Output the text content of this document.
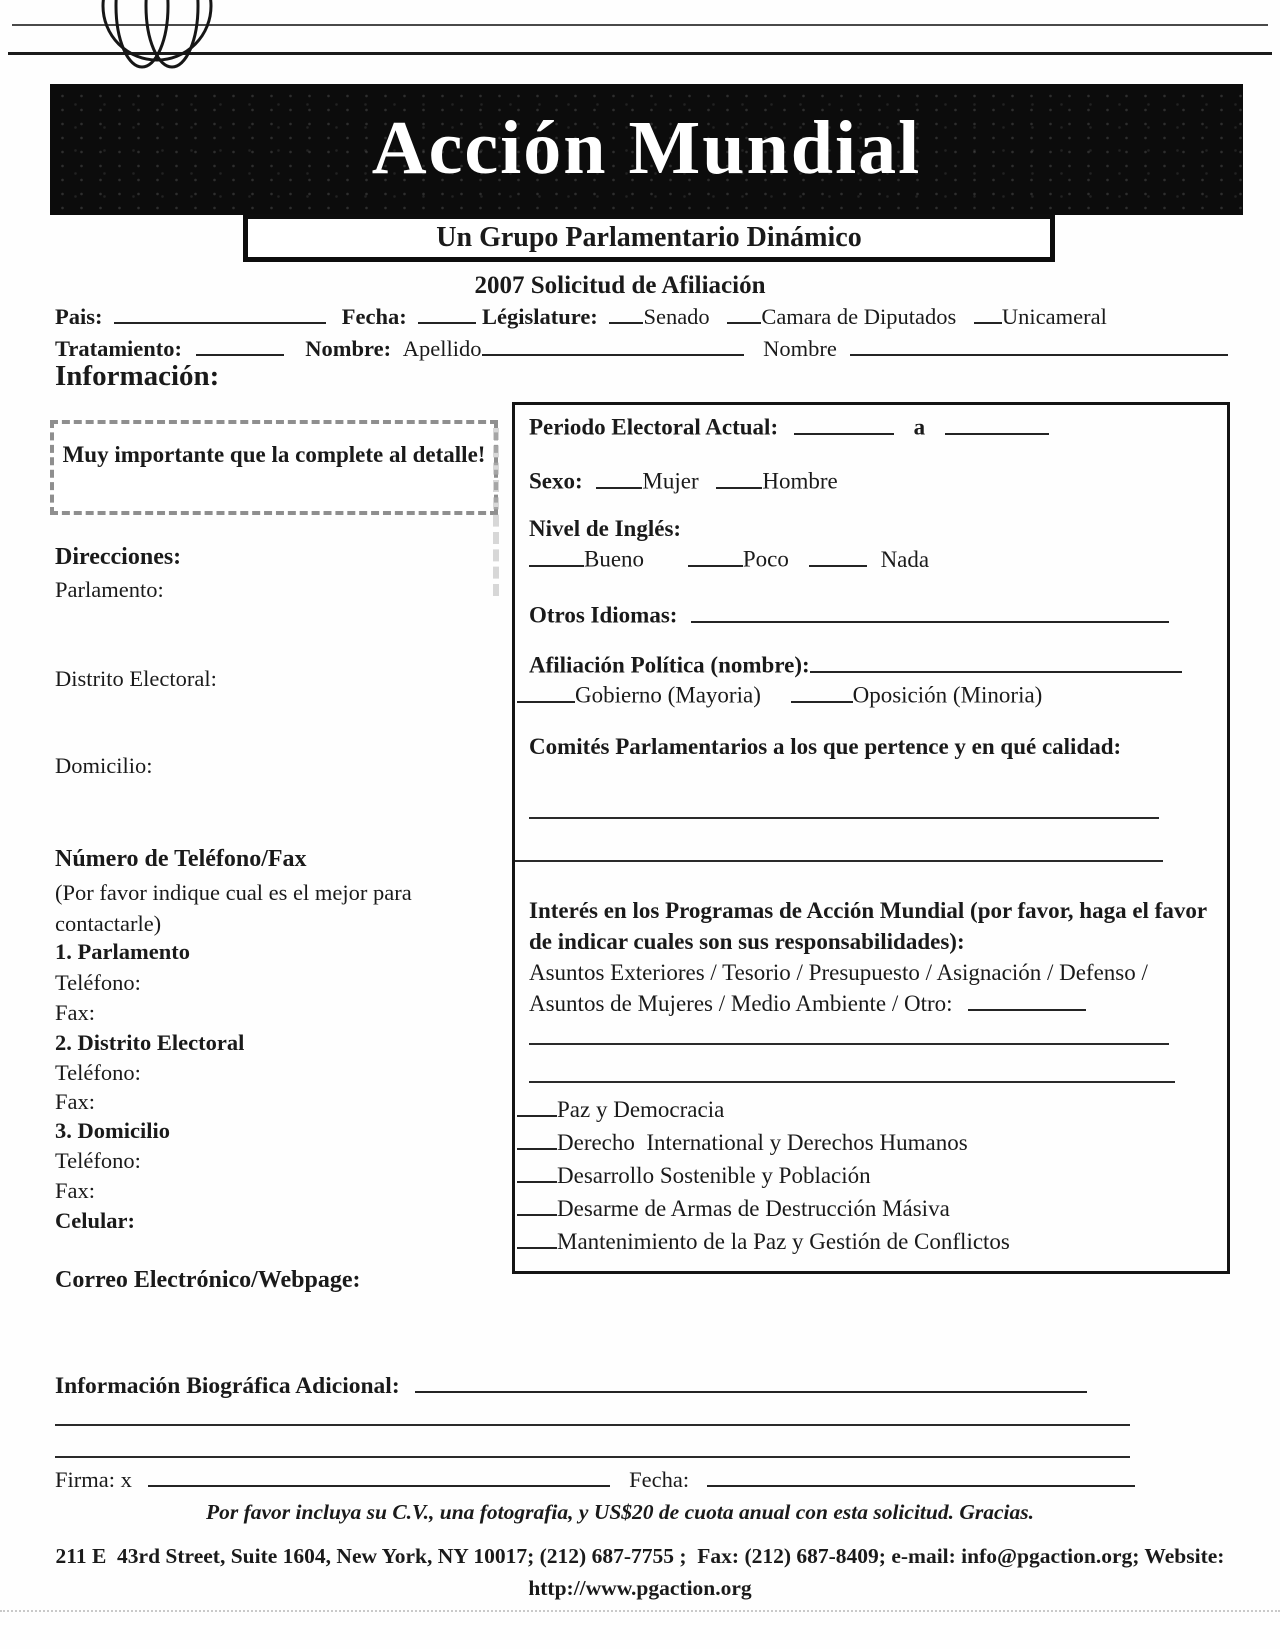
Acción Mundial
Un Grupo Parlamentario Dinámico
2007 Solicitud de Afiliación
Pais:	Fecha:	Législature: Senado Camara de Diputados Unicameral
Tratamiento:	Nombre: Apellido	Nombre
Información:
Muy importante que la complete al detalle!
Direcciones:
Parlamento:
Distrito Electoral:
Domicilio:
Número de Teléfono/Fax
(Por favor indique cual es el mejor para contactarle)
1. Parlamento
Teléfono:
Fax:
2. Distrito Electoral
Teléfono:
Fax:
3. Domicilio
Teléfono:
Fax:
Celular:
Correo Electrónico/Webpage:
Periodo Electoral Actual:	a
Sexo:	Mujer	Hombre
Nivel de Inglés:
Bueno	Poco	Nada
Otros Idiomas:
Afiliación Política (nombre):
Gobierno (Mayoria)	Oposición (Minoria)
Comités Parlamentarios a los que pertence y en qué calidad:
Interés en los Programas de Acción Mundial (por favor, haga el favor de indicar cuales son sus responsabilidades):
Asuntos Exteriores / Tesorio / Presupuesto / Asignación / Defenso / Asuntos de Mujeres / Medio Ambiente / Otro:
Paz y Democracia
Derecho  International y Derechos Humanos
Desarrollo Sostenible y Población
Desarme de Armas de Destrucción Másiva
Mantenimiento de la Paz y Gestión de Conflictos
Información Biográfica Adicional:
Firma: x	Fecha:
Por favor incluya su C.V., una fotografia, y US$20 de cuota anual con esta solicitud. Gracias.
211 E  43rd Street, Suite 1604, New York, NY 10017; (212) 687-7755 ;  Fax: (212) 687-8409; e-mail: info@pgaction.org; Website:
http://www.pgaction.org
